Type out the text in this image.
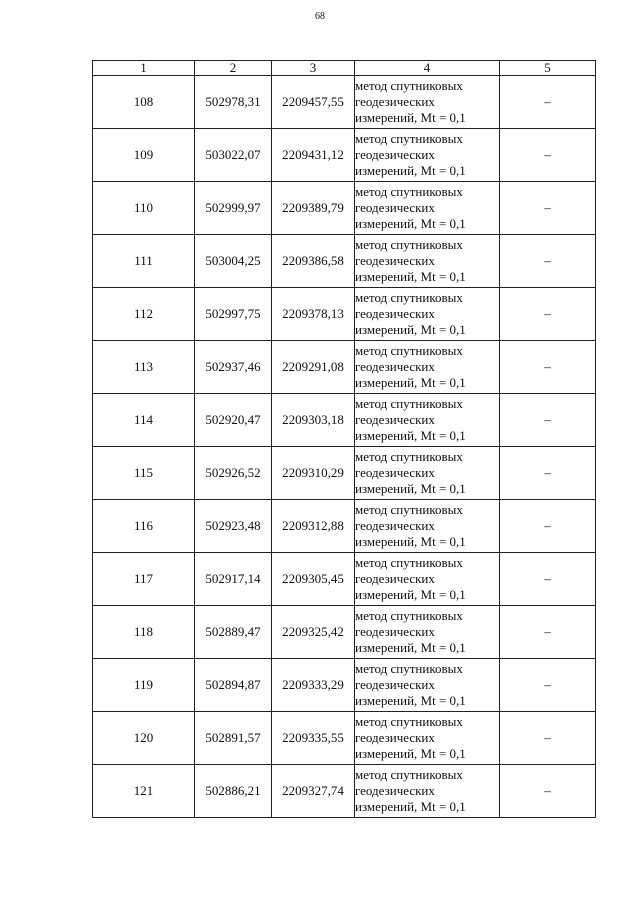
68
1	2	3	4	5
108	502978,31	2209457,55	метод спутниковых
геодезических
измерений, Mt = 0,1	–
109	503022,07	2209431,12	метод спутниковых
геодезических
измерений, Mt = 0,1	–
110	502999,97	2209389,79	метод спутниковых
геодезических
измерений, Mt = 0,1	–
111	503004,25	2209386,58	метод спутниковых
геодезических
измерений, Mt = 0,1	–
112	502997,75	2209378,13	метод спутниковых
геодезических
измерений, Mt = 0,1	–
113	502937,46	2209291,08	метод спутниковых
геодезических
измерений, Mt = 0,1	–
114	502920,47	2209303,18	метод спутниковых
геодезических
измерений, Mt = 0,1	–
115	502926,52	2209310,29	метод спутниковых
геодезических
измерений, Mt = 0,1	–
116	502923,48	2209312,88	метод спутниковых
геодезических
измерений, Mt = 0,1	–
117	502917,14	2209305,45	метод спутниковых
геодезических
измерений, Mt = 0,1	–
118	502889,47	2209325,42	метод спутниковых
геодезических
измерений, Mt = 0,1	–
119	502894,87	2209333,29	метод спутниковых
геодезических
измерений, Mt = 0,1	–
120	502891,57	2209335,55	метод спутниковых
геодезических
измерений, Mt = 0,1	–
121	502886,21	2209327,74	метод спутниковых
геодезических
измерений, Mt = 0,1	–
